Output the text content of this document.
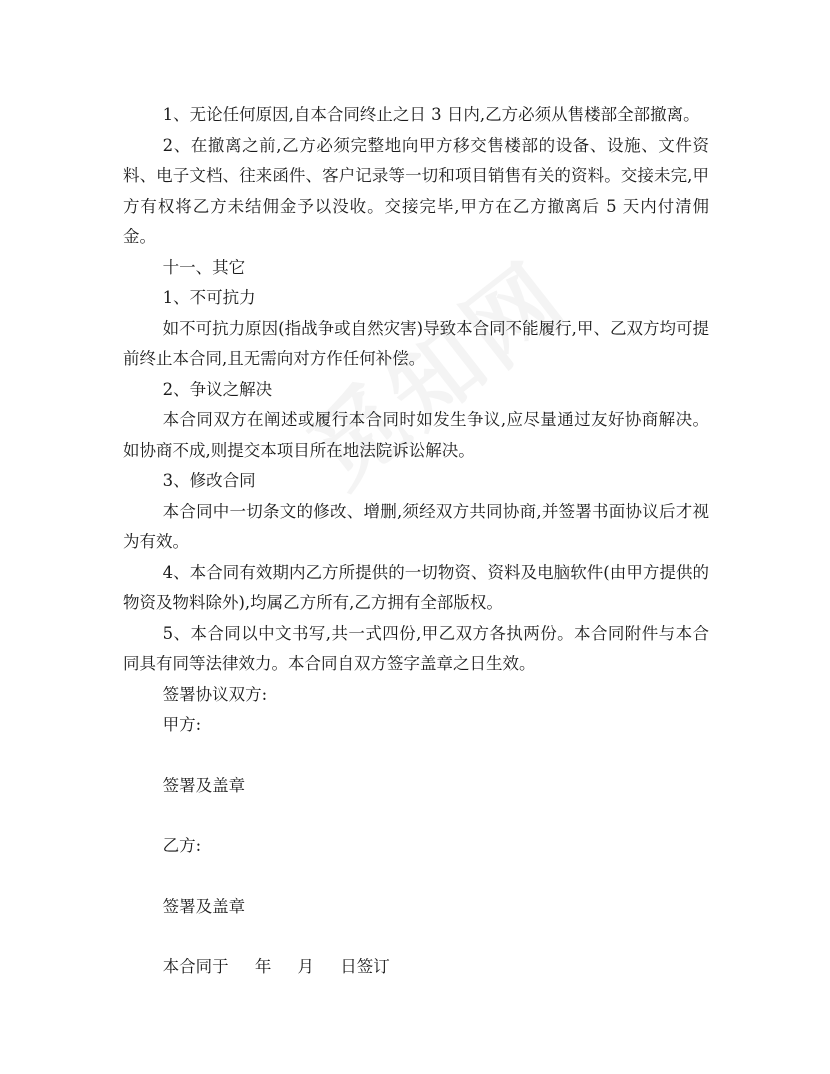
1、无论任何原因,自本合同终止之日 3 日内,乙方必须从售楼部全部撤离。

2、在撤离之前,乙方必须完整地向甲方移交售楼部的设备、设施、文件资料、电子文档、往来函件、客户记录等一切和项目销售有关的资料。交接未完,甲方有权将乙方未结佣金予以没收。交接完毕,甲方在乙方撤离后 5 天内付清佣金。

十一、其它

1、不可抗力

如不可抗力原因(指战争或自然灾害)导致本合同不能履行,甲、乙双方均可提前终止本合同,且无需向对方作任何补偿。

2、争议之解决

本合同双方在阐述或履行本合同时如发生争议,应尽量通过友好协商解决。如协商不成,则提交本项目所在地法院诉讼解决。

3、修改合同

本合同中一切条文的修改、增删,须经双方共同协商,并签署书面协议后才视为有效。

4、本合同有效期内乙方所提供的一切物资、资料及电脑软件(由甲方提供的物资及物料除外),均属乙方所有,乙方拥有全部版权。

5、本合同以中文书写,共一式四份,甲乙双方各执两份。本合同附件与本合同具有同等法律效力。本合同自双方签字盖章之日生效。

签署协议双方:

甲方:

签署及盖章

乙方:

签署及盖章

本合同于     年     月     日签订
